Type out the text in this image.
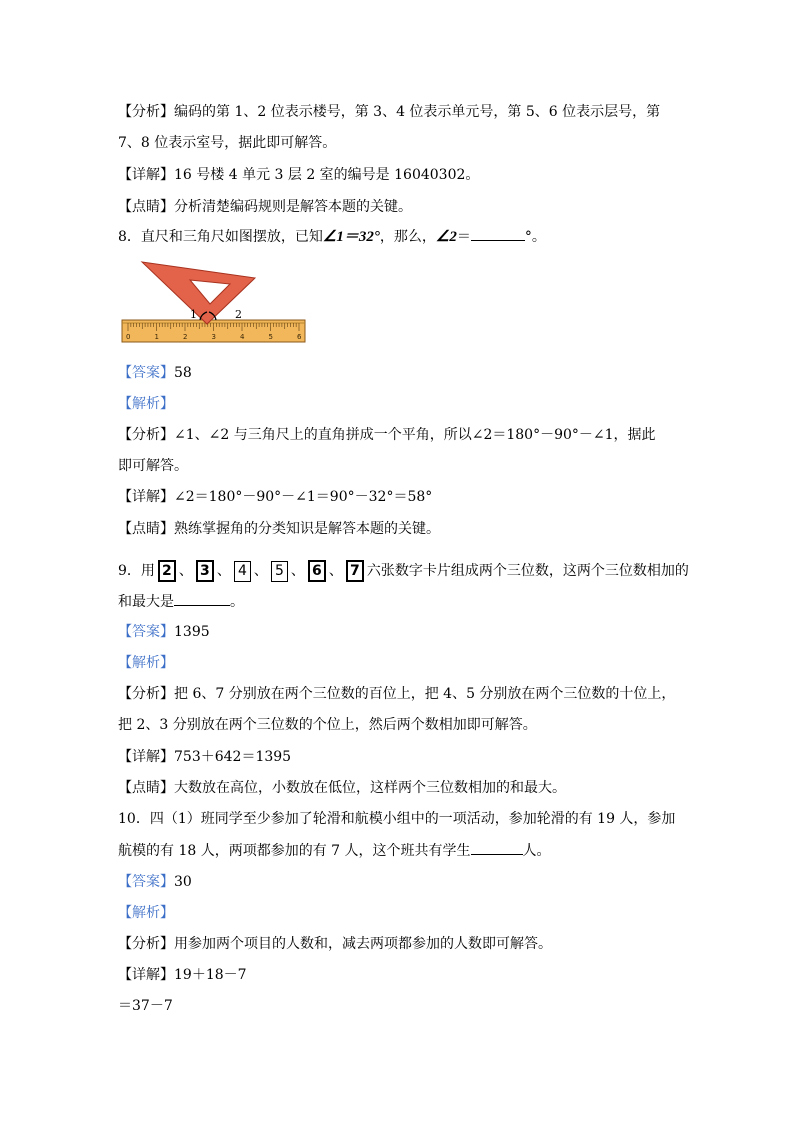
【分析】编码的第 1、2 位表示楼号，第 3、4 位表示单元号，第 5、6 位表示层号，第
7、8 位表示室号，据此即可解答。
【详解】16 号楼 4 单元 3 层 2 室的编号是 16040302。
【点睛】分析清楚编码规则是解答本题的关键。
8．直尺和三角尺如图摆放，已知∠1＝32°，那么，∠2＝	°。
0	1	2	3	4	5	6
1	2
【答案】58
【解析】
【分析】∠1、∠2 与三角尺上的直角拼成一个平角，所以∠2＝180°－90°－∠1，据此
即可解答。
【详解】∠2＝180°－90°－∠1＝90°－32°＝58°
【点睛】熟练掌握角的分类知识是解答本题的关键。
9．用 2 、 3 、 4 、 5 、 6 、 7 六张数字卡片组成两个三位数，这两个三位数相加的
和最大是	。
【答案】1395
【解析】
【分析】把 6、7 分别放在两个三位数的百位上，把 4、5 分别放在两个三位数的十位上，
把 2、3 分别放在两个三位数的个位上，然后两个数相加即可解答。
【详解】753＋642＝1395
【点睛】大数放在高位，小数放在低位，这样两个三位数相加的和最大。
10．四（1）班同学至少参加了轮滑和航模小组中的一项活动，参加轮滑的有 19 人，参加
航模的有 18 人，两项都参加的有 7 人，这个班共有学生	人。
【答案】30
【解析】
【分析】用参加两个项目的人数和，减去两项都参加的人数即可解答。
【详解】19＋18－7
＝37－7
